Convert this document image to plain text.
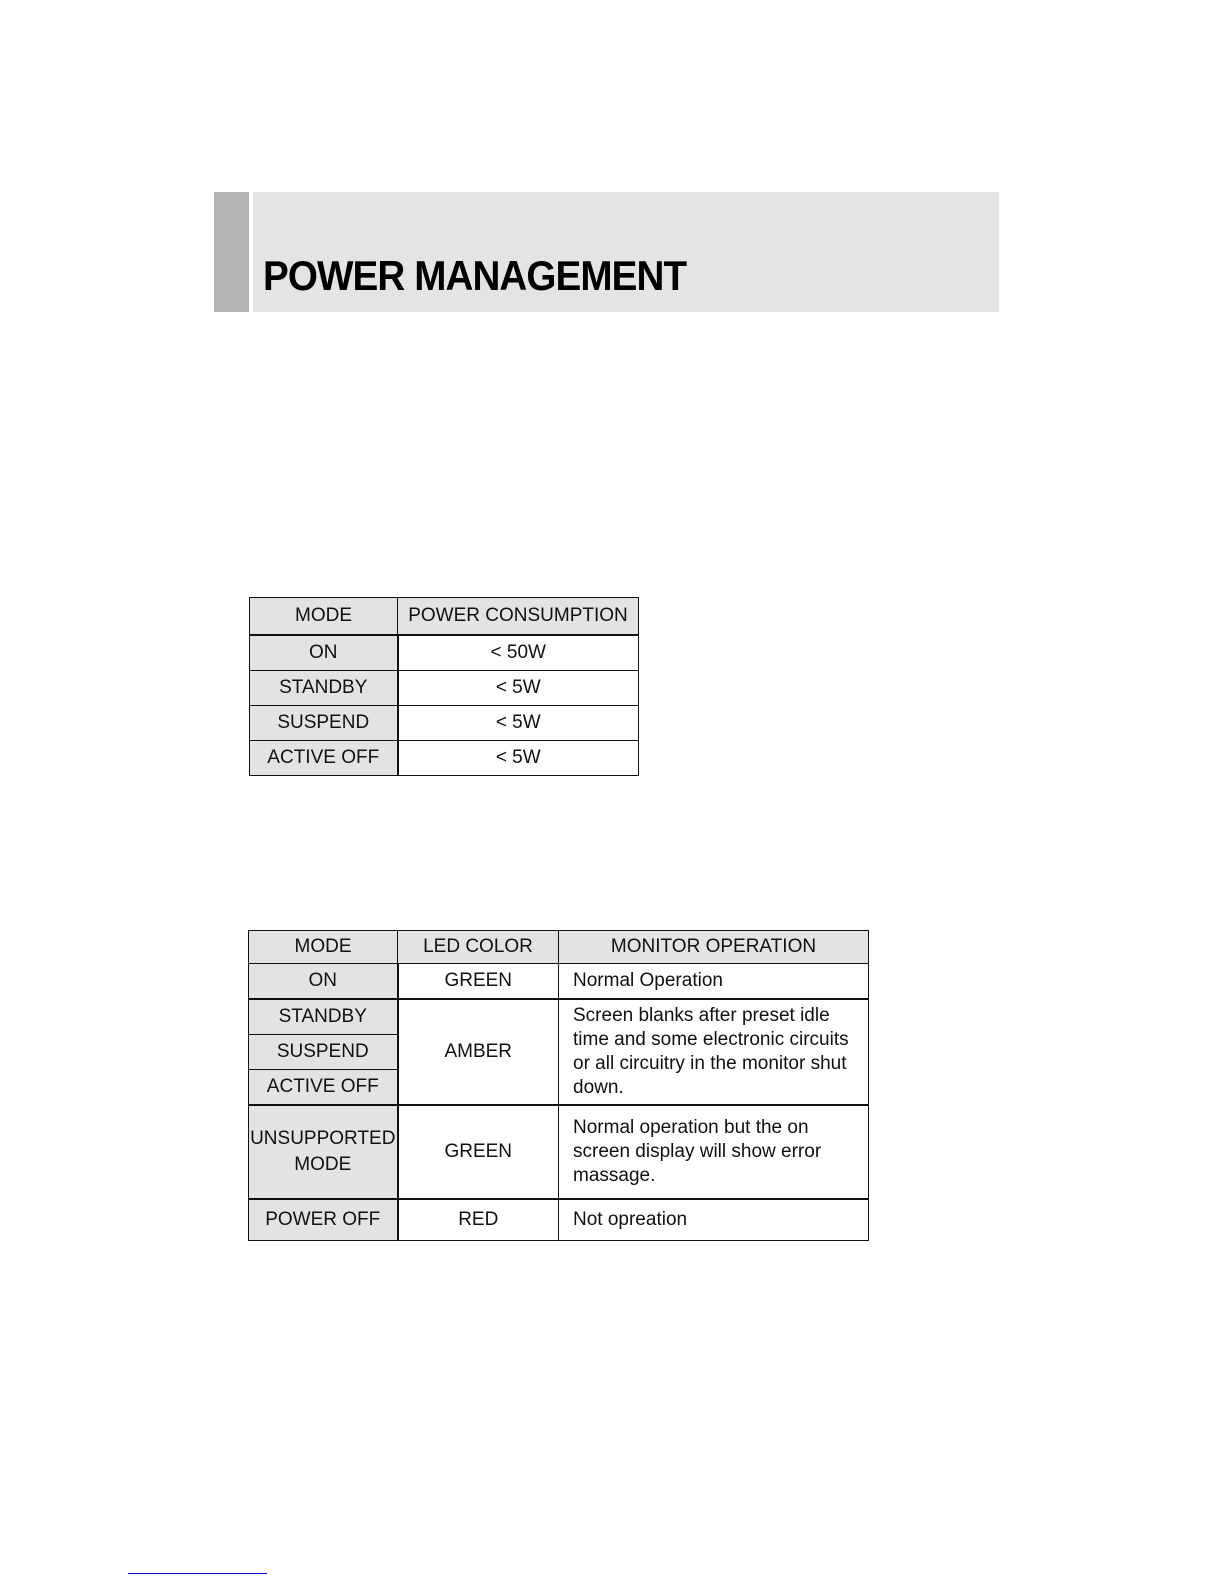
POWER MANAGEMENT
MODE	POWER CONSUMPTION
ON	< 50W
STANDBY	< 5W
SUSPEND	< 5W
ACTIVE OFF	< 5W
MODE	LED COLOR	MONITOR OPERATION
ON	GREEN	Normal Operation
STANDBY	AMBER	Screen blanks after preset idle time and some electronic circuits or all circuitry in the monitor shut down.
SUSPEND		
ACTIVE OFF		
UNSUPPORTED MODE	GREEN	Normal operation but the on screen display will show error massage.
POWER OFF	RED	Not opreation
